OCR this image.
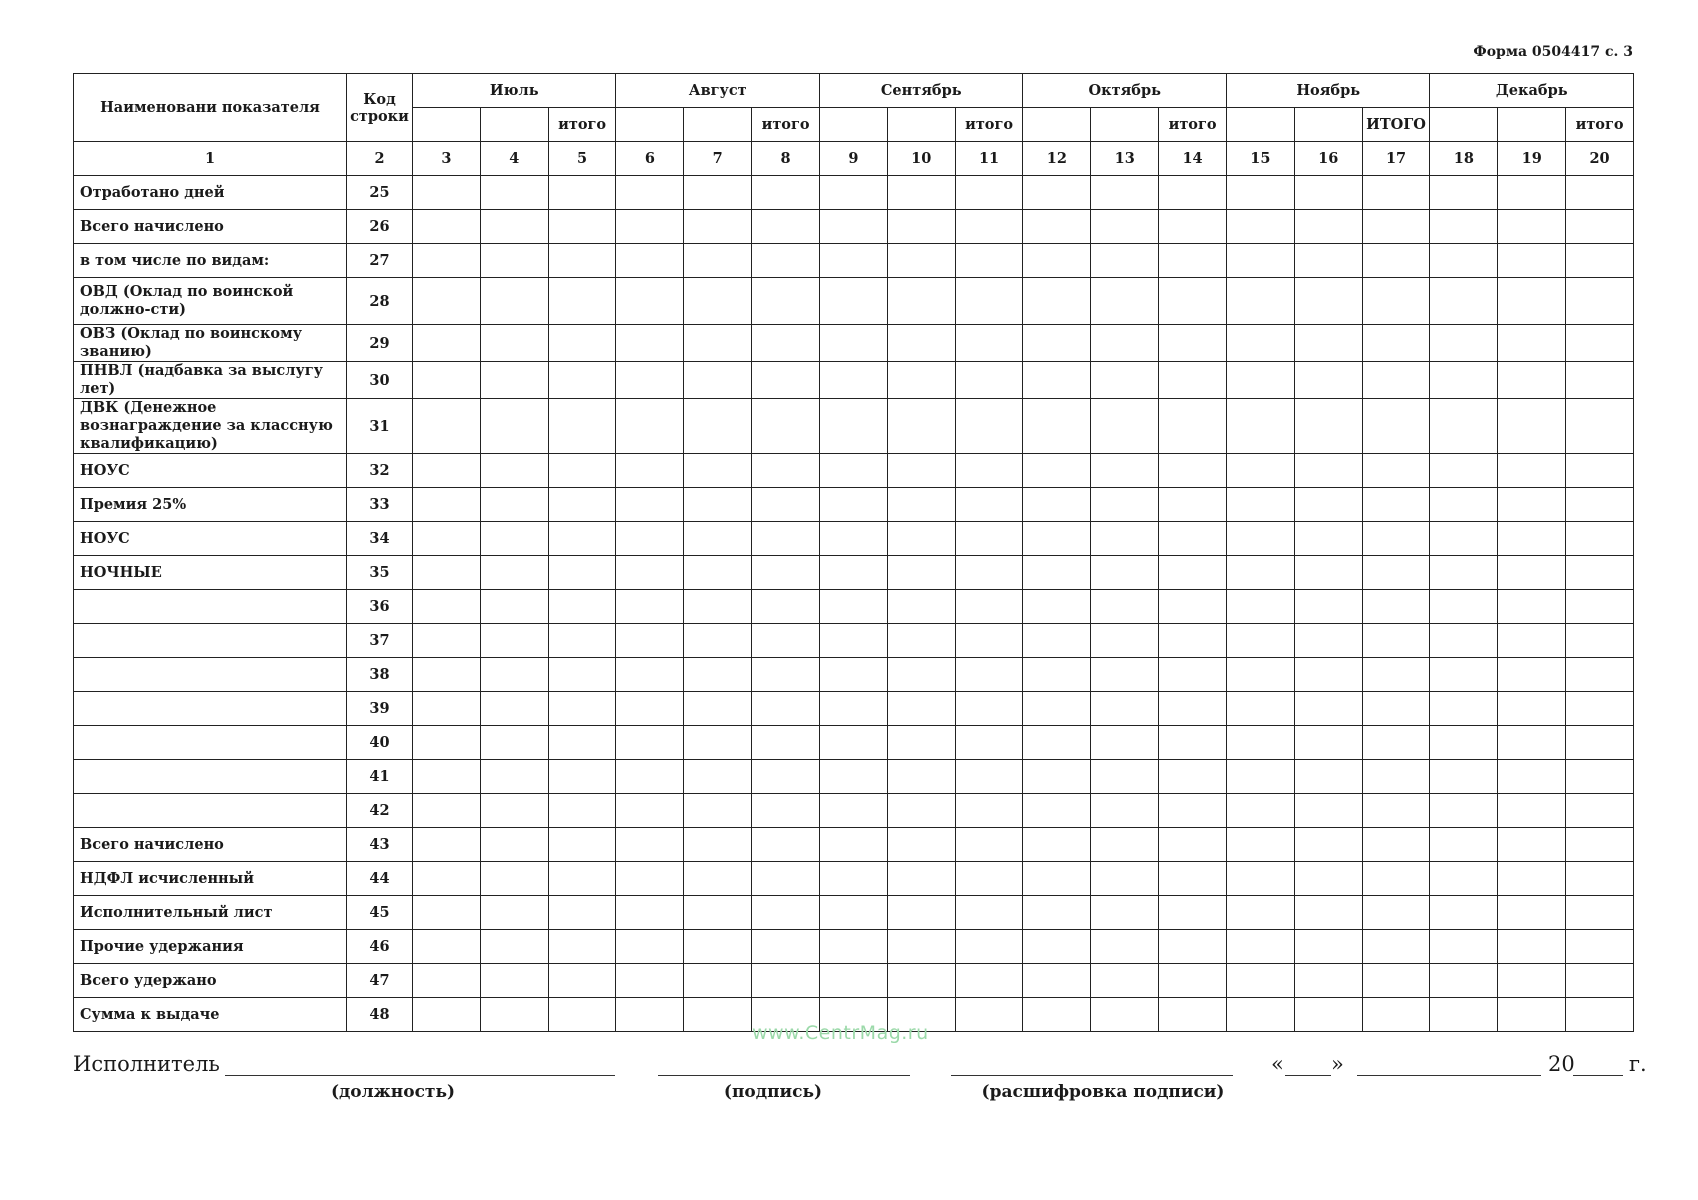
Форма 0504417 с. 3
Наименовани показателя	Код строки	Июль			Август			Сентябрь			Октябрь			Ноябрь			Декабрь		
				итого			итого			итого			итого			ИТОГО			итого
1	2	3	4	5	6	7	8	9	10	11	12	13	14	15	16	17	18	19	20
Отработано дней	25																		
Всего начислено	26																		
в том числе по видам:	27																		
ОВД (Оклад по воинской должно-сти)	28																		
ОВЗ (Оклад по воинскому званию)	29																		
ПНВЛ (надбавка за выслугу лет)	30																		
ДВК (Денежное вознаграждение за классную квалификацию)	31																		
НОУС	32																		
Премия 25%	33																		
НОУС	34																		
НОЧНЫЕ	35																		
	36																		
	37																		
	38																		
	39																		
	40																		
	41																		
	42																		
Всего начислено	43																		
НДФЛ исчисленный	44																		
Исполнительный лист	45																		
Прочие удержания	46																		
Всего удержано	47																		
Сумма к выдаче	48																		
Исполнитель	« »	20	г.
(должность)	(подпись)	(расшифровка подписи)
www.CentrMag.ru
